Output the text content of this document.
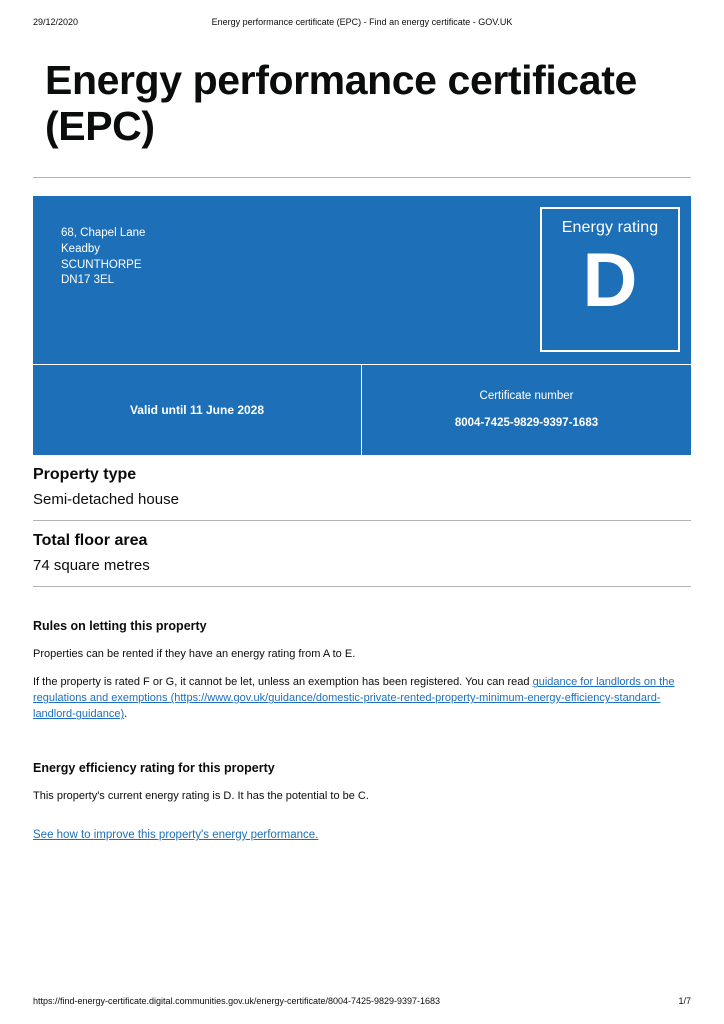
29/12/2020	Energy performance certificate (EPC) - Find an energy certificate - GOV.UK
Energy performance certificate (EPC)
68, Chapel Lane
Keadby
SCUNTHORPE
DN17 3EL
Energy rating
D
Valid until 11 June 2028
Certificate number
8004-7425-9829-9397-1683
Property type

Semi-detached house

Total floor area

74 square metres

Rules on letting this property

Properties can be rented if they have an energy rating from A to E.

If the property is rated F or G, it cannot be let, unless an exemption has been registered. You can read guidance for landlords on the regulations and exemptions (https://www.gov.uk/guidance/domestic-private-rented-property-minimum-energy-efficiency-standard-landlord-guidance).

Energy efficiency rating for this property

This property's current energy rating is D. It has the potential to be C.

See how to improve this property's energy performance.
https://find-energy-certificate.digital.communities.gov.uk/energy-certificate/8004-7425-9829-9397-1683	1/7
